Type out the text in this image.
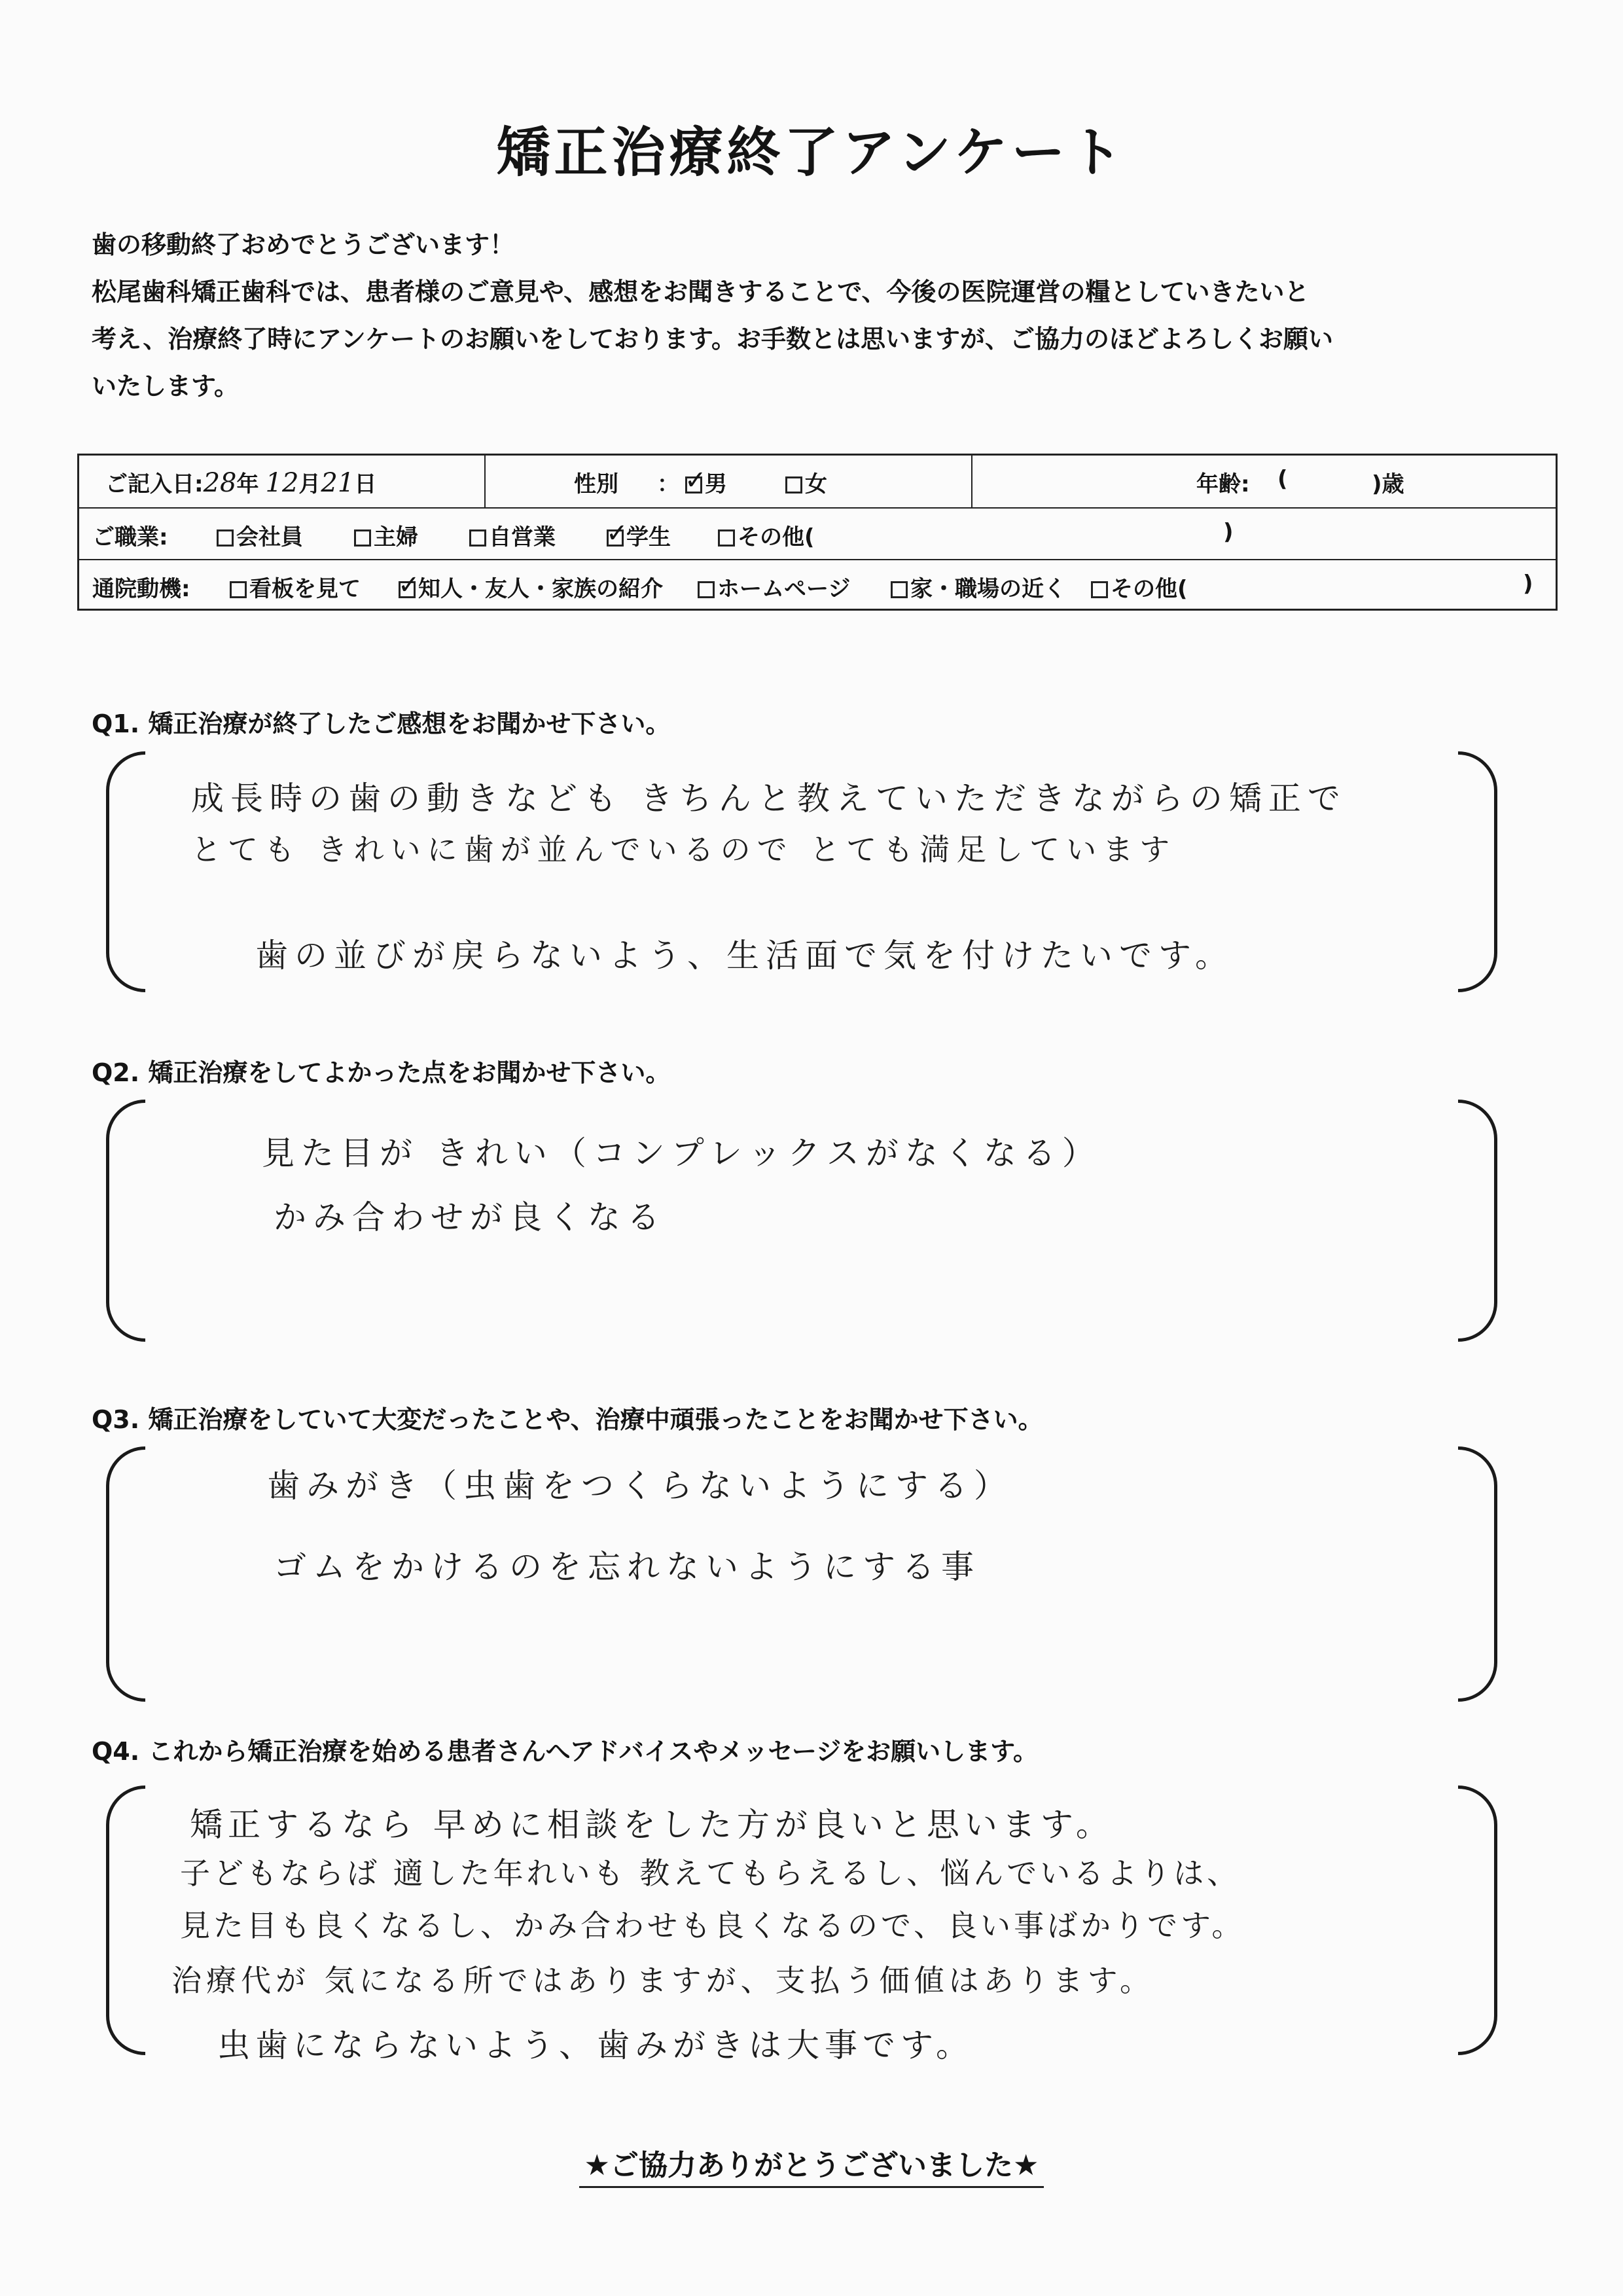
矯正治療終了アンケート

歯の移動終了おめでとうございます！

松尾歯科矯正歯科では、患者様のご意見や、感想をお聞きすることで、今後の医院運営の糧としていきたいと

考え、治療終了時にアンケートのお願いをしております。お手数とは思いますが、ご協力のほどよろしくお願い

いたします。

ご記入日:28年 12月21日	性別 ： ✓	男	女	年齢: (	)歳
ご職業:	会社員	主婦	自営業 ✓	学生	その他(	)
通院動機:	看板を見て ✓	知人・友人・家族の紹介	ホームページ	家・職場の近く	その他(	)
Q1. 矯正治療が終了したご感想をお聞かせ下さい。

成長時の歯の動きなども きちんと教えていただきながらの矯正で

とても きれいに歯が並んでいるので とても満足しています

歯の並びが戻らないよう、生活面で気を付けたいです。

Q2. 矯正治療をしてよかった点をお聞かせ下さい。

見た目が きれい（コンプレックスがなくなる）

かみ合わせが良くなる

Q3. 矯正治療をしていて大変だったことや、治療中頑張ったことをお聞かせ下さい。

歯みがき（虫歯をつくらないようにする）

ゴムをかけるのを忘れないようにする事

Q4. これから矯正治療を始める患者さんへアドバイスやメッセージをお願いします。

矯正するなら 早めに相談をした方が良いと思います。

子どもならば 適した年れいも 教えてもらえるし、悩んでいるよりは、

見た目も良くなるし、かみ合わせも良くなるので、良い事ばかりです。

治療代が 気になる所ではありますが、支払う価値はあります。

虫歯にならないよう、歯みがきは大事です。

★ご協力ありがとうございました★
